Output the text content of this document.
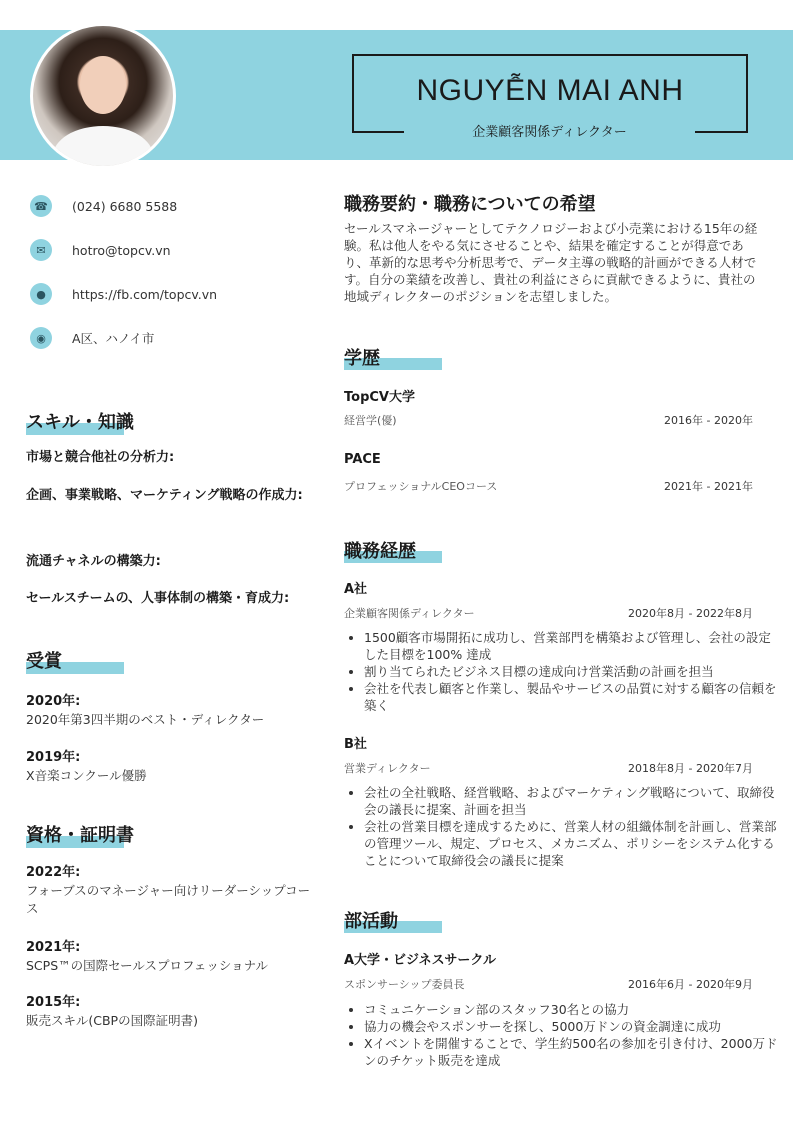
NGUYỄN MAI ANH
企業顧客関係ディレクター
☎	(024) 6680 5588
✉	hotro@topcv.vn
●	https://fb.com/topcv.vn
◉	A区、ハノイ市
スキル・知識
市場と競合他社の分析力:
企画、事業戦略、マーケティング戦略の作成力:
流通チャネルの構築力:
セールスチームの、人事体制の構築・育成力:
受賞
2020年:
2020年第3四半期のベスト・ディレクター
2019年:
X音楽コンクール優勝
資格・証明書
2022年:
フォーブスのマネージャー向けリーダーシップコース
2021年:
SCPS™の国際セールスプロフェッショナル
2015年:
販売スキル(CBPの国際証明書)
職務要約・職務についての希望
セールスマネージャーとしてテクノロジーおよび小売業における15年の経験。私は他人をやる気にさせることや、結果を確定することが得意であり、革新的な思考や分析思考で、データ主導の戦略的計画ができる人材です。自分の業績を改善し、貴社の利益にさらに貢献できるように、貴社の地域ディレクターのポジションを志望しました。
学歴
TopCV大学
経営学(優)	2016年 - 2020年
PACE
プロフェッショナルCEOコース	2021年 - 2021年
職務経歴
A社
企業顧客関係ディレクター	2020年8月 - 2022年8月
• 1500顧客市場開拓に成功し、営業部門を構築および管理し、会社の設定した目標を100% 達成
• 割り当てられたビジネス目標の達成向け営業活動の計画を担当
• 会社を代表し顧客と作業し、製品やサービスの品質に対する顧客の信頼を築く
B社
営業ディレクター	2018年8月 - 2020年7月
• 会社の全社戦略、経営戦略、およびマーケティング戦略について、取締役会の議長に提案、計画を担当
• 会社の営業目標を達成するために、営業人材の組織体制を計画し、営業部の管理ツール、規定、プロセス、メカニズム、ポリシーをシステム化することについて取締役会の議長に提案
部活動
A大学・ビジネスサークル
スポンサーシップ委員長	2016年6月 - 2020年9月
• コミュニケーション部のスタッフ30名との協力
• 協力の機会やスポンサーを探し、5000万ドンの資金調達に成功
• Xイベントを開催することで、学生約500名の参加を引き付け、2000万ドンのチケット販売を達成
